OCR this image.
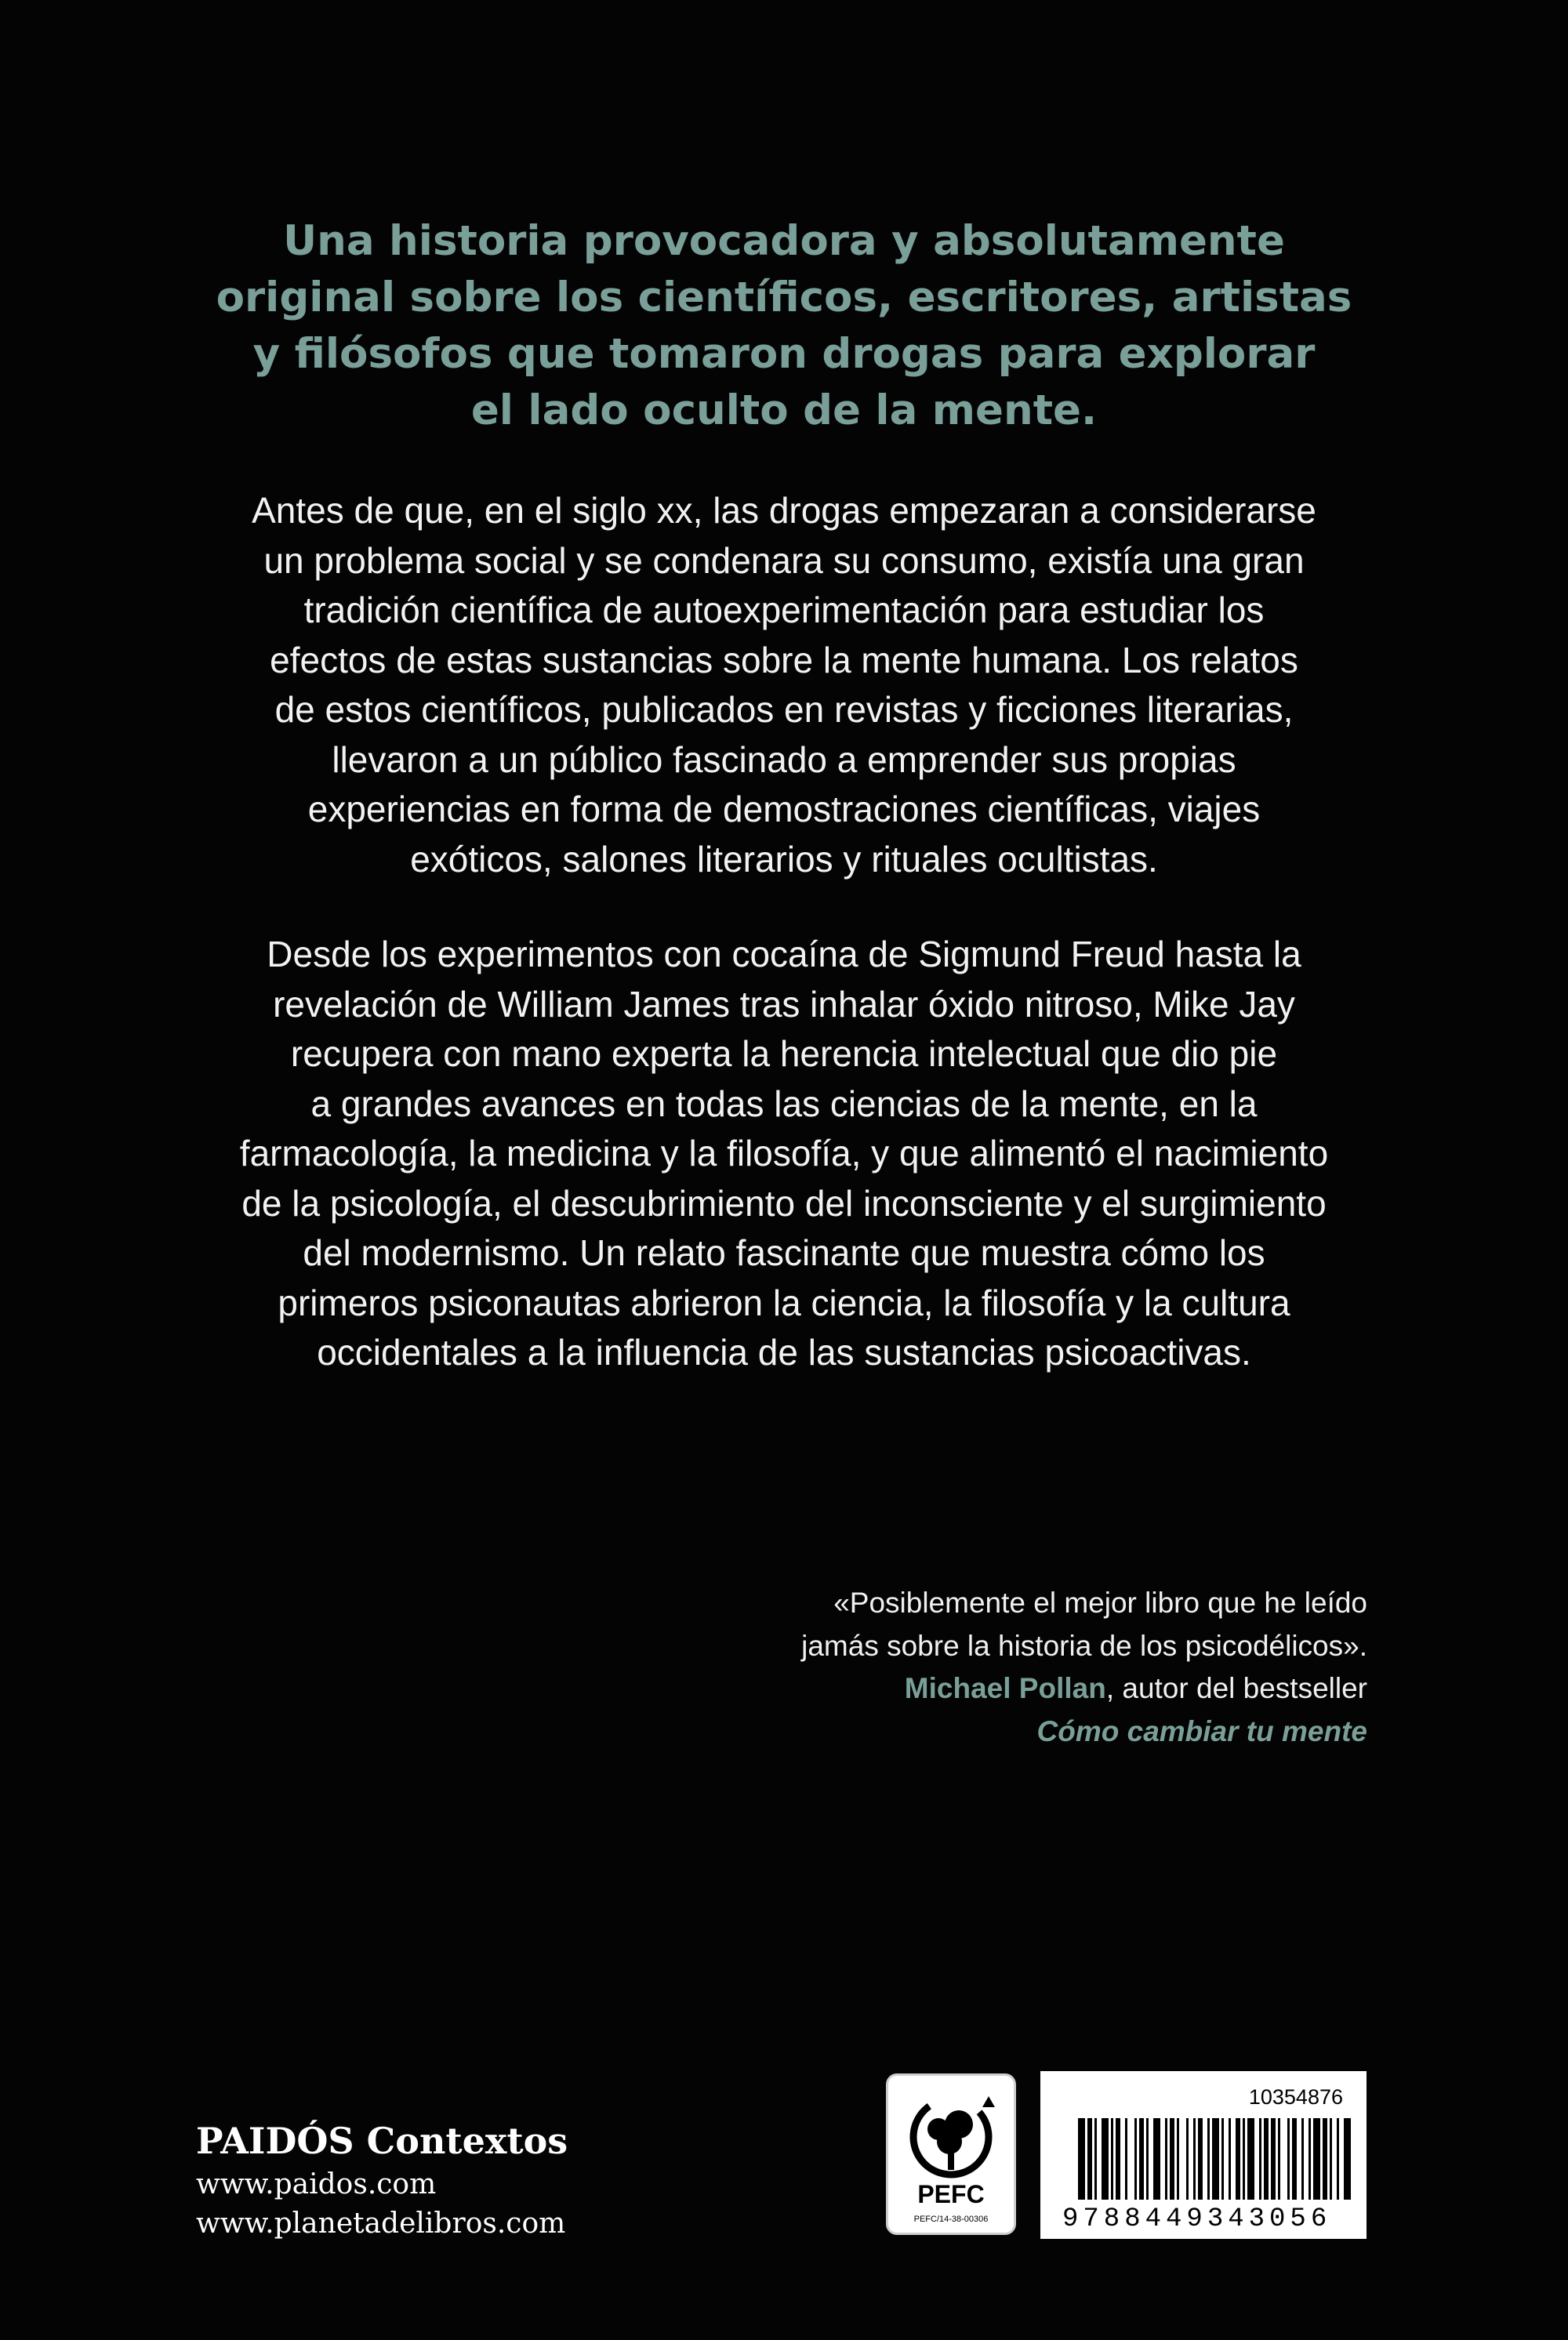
Una historia provocadora y absolutamente
original sobre los científicos, escritores, artistas
y filósofos que tomaron drogas para explorar
el lado oculto de la mente.
Antes de que, en el siglo xx, las drogas empezaran a considerarse
un problema social y se condenara su consumo, existía una gran
tradición científica de autoexperimentación para estudiar los
efectos de estas sustancias sobre la mente humana. Los relatos
de estos científicos, publicados en revistas y ficciones literarias,
llevaron a un público fascinado a emprender sus propias
experiencias en forma de demostraciones científicas, viajes
exóticos, salones literarios y rituales ocultistas.
Desde los experimentos con cocaína de Sigmund Freud hasta la
revelación de William James tras inhalar óxido nitroso, Mike Jay
recupera con mano experta la herencia intelectual que dio pie
a grandes avances en todas las ciencias de la mente, en la
farmacología, la medicina y la filosofía, y que alimentó el nacimiento
de la psicología, el descubrimiento del inconsciente y el surgimiento
del modernismo. Un relato fascinante que muestra cómo los
primeros psiconautas abrieron la ciencia, la filosofía y la cultura
occidentales a la influencia de las sustancias psicoactivas.
«Posiblemente el mejor libro que he leído
jamás sobre la historia de los psicodélicos».
Michael Pollan, autor del bestseller
Cómo cambiar tu mente
PAIDÓS Contextos
www.paidos.com
www.planetadelibros.com
PEFC
PEFC/14-38-00306
10354876
9788449343056
